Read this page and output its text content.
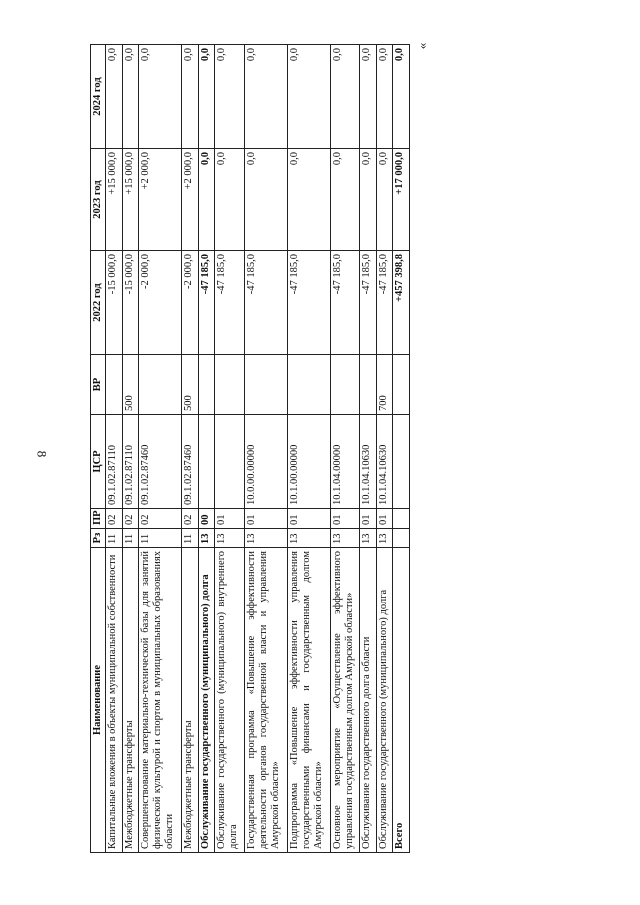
8
»
Наименование	Рз	ПР	ЦСР	ВР	2022 год	2023 год	2024 год
Капитальные вложения в объекты муниципальной собственности	11	02	09.1.02.87110		-15 000,0	+15 000,0	0,0
Межбюджетные трансферты	11	02	09.1.02.87110	500	-15 000,0	+15 000,0	0,0
Совершенствование материально-технической базы для занятий физической культурой и спортом в муниципальных образованиях области	11	02	09.1.02.87460		-2 000,0	+2 000,0	0,0
Межбюджетные трансферты	11	02	09.1.02.87460	500	-2 000,0	+2 000,0	0,0
Обслуживание государственного (муниципального) долга	13	00			-47 185,0	0,0	0,0
Обслуживание государственного (муниципального) внутреннего долга	13	01			-47 185,0	0,0	0,0
Государственная программа «Повышение эффективности деятельности органов государственной власти и управления Амурской области»	13	01	10.0.00.00000		-47 185,0	0,0	0,0
Подпрограмма «Повышение эффективности управления государственными финансами и государственным долгом Амурской области»	13	01	10.1.00.00000		-47 185,0	0,0	0,0
Основное мероприятие «Осуществление эффективного управления государственным долгом Амурской области»	13	01	10.1.04.00000		-47 185,0	0,0	0,0
Обслуживание государственного долга области	13	01	10.1.04.10630		-47 185,0	0,0	0,0
Обслуживание государственного (муниципального) долга	13	01	10.1.04.10630	700	-47 185,0	0,0	0,0
Всего					+457 398,8	+17 000,0	0,0
